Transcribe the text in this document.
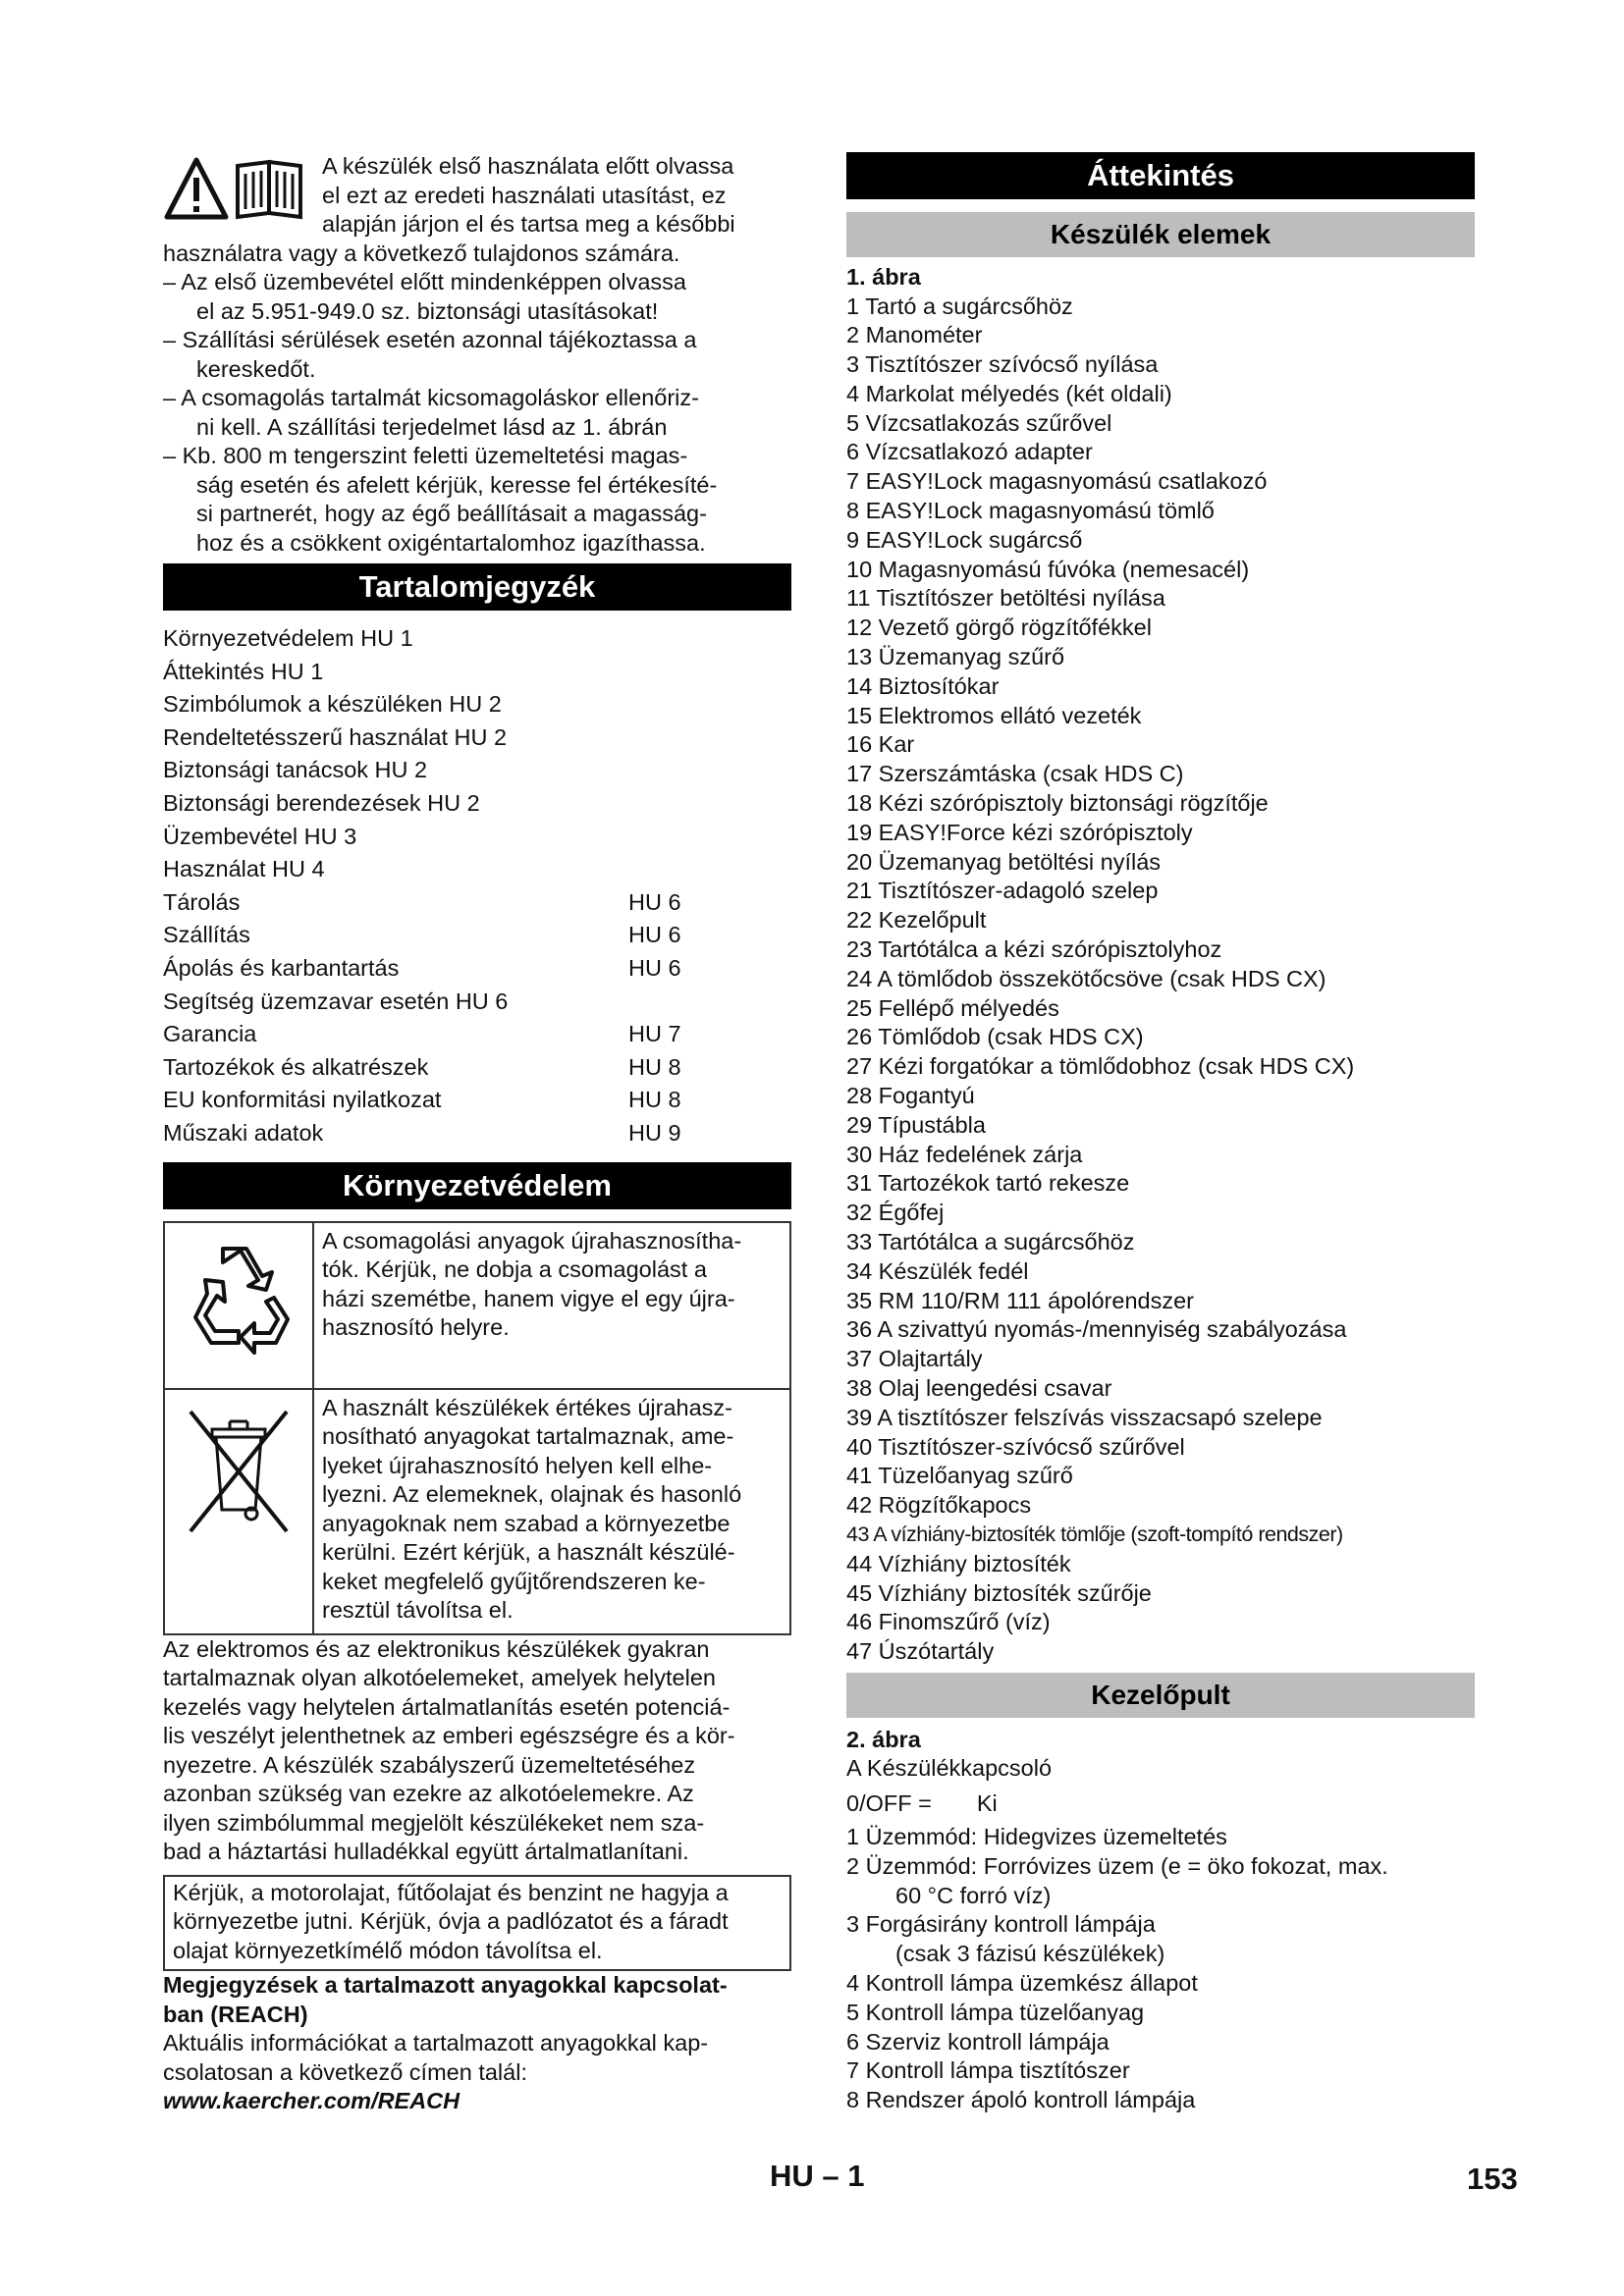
A készülék első használata előtt olvassa

el ezt az eredeti használati utasítást, ez

alapján járjon el és tartsa meg a későbbi

használatra vagy a következő tulajdonos számára.

– Az első üzembevétel előtt mindenképpen olvassa

el az 5.951-949.0 sz. biztonsági utasításokat!

– Szállítási sérülések esetén azonnal tájékoztassa a

kereskedőt.

– A csomagolás tartalmát kicsomagoláskor ellenőriz-

ni kell. A szállítási terjedelmet lásd az 1. ábrán

– Kb. 800 m tengerszint feletti üzemeltetési magas-

ság esetén és afelett kérjük, keresse fel értékesíté-

si partnerét, hogy az égő beállításait a magasság-

hoz és a csökkent oxigéntartalomhoz igazíthassa.

Tartalomjegyzék
Környezetvédelem HU 1
Áttekintés HU 1
Szimbólumok a készüléken HU 2
Rendeltetésszerű használat HU 2
Biztonsági tanácsok HU 2
Biztonsági berendezések HU 2
Üzembevétel HU 3
Használat HU 4
Tárolás	HU 6
Szállítás	HU 6
Ápolás és karbantartás	HU 6
Segítség üzemzavar esetén HU 6
Garancia	HU 7
Tartozékok és alkatrészek	HU 8
EU konformitási nyilatkozat	HU 8
Műszaki adatok	HU 9
Környezetvédelem

A csomagolási anyagok újrahasznosítha-

tók. Kérjük, ne dobja a csomagolást a

házi szemétbe, hanem vigye el egy újra-

hasznosító helyre.

A használt készülékek értékes újrahasz-

nosítható anyagokat tartalmaznak, ame-

lyeket újrahasznosító helyen kell elhe-

lyezni. Az elemeknek, olajnak és hasonló

anyagoknak nem szabad a környezetbe

kerülni. Ezért kérjük, a használt készülé-

keket megfelelő gyűjtőrendszeren ke-

resztül távolítsa el.

Az elektromos és az elektronikus készülékek gyakran

tartalmaznak olyan alkotóelemeket, amelyek helytelen

kezelés vagy helytelen ártalmatlanítás esetén potenciá-

lis veszélyt jelenthetnek az emberi egészségre és a kör-

nyezetre. A készülék szabályszerű üzemeltetéséhez

azonban szükség van ezekre az alkotóelemekre. Az

ilyen szimbólummal megjelölt készülékeket nem sza-

bad a háztartási hulladékkal együtt ártalmatlanítani.

Kérjük, a motorolajat, fűtőolajat és benzint ne hagyja a

környezetbe jutni. Kérjük, óvja a padlózatot és a fáradt

olajat környezetkímélő módon távolítsa el.

Megjegyzések a tartalmazott anyagokkal kapcsolat-

ban (REACH)

Aktuális információkat a tartalmazott anyagokkal kap-

csolatosan a következő címen talál:

www.kaercher.com/REACH

Áttekintés
Készülék elemek

1. ábra

1 Tartó a sugárcsőhöz

2 Manométer

3 Tisztítószer szívócső nyílása

4 Markolat mélyedés (két oldali)

5 Vízcsatlakozás szűrővel

6 Vízcsatlakozó adapter

7 EASY!Lock magasnyomású csatlakozó

8 EASY!Lock magasnyomású tömlő

9 EASY!Lock sugárcső

10 Magasnyomású fúvóka (nemesacél)

11 Tisztítószer betöltési nyílása

12 Vezető görgő rögzítőfékkel

13 Üzemanyag szűrő

14 Biztosítókar

15 Elektromos ellátó vezeték

16 Kar

17 Szerszámtáska (csak HDS C)

18 Kézi szórópisztoly biztonsági rögzítője

19 EASY!Force kézi szórópisztoly

20 Üzemanyag betöltési nyílás

21 Tisztítószer-adagoló szelep

22 Kezelőpult

23 Tartótálca a kézi szórópisztolyhoz

24 A tömlődob összekötőcsöve (csak HDS CX)

25 Fellépő mélyedés

26 Tömlődob (csak HDS CX)

27 Kézi forgatókar a tömlődobhoz (csak HDS CX)

28 Fogantyú

29 Típustábla

30 Ház fedelének zárja

31 Tartozékok tartó rekesze

32 Égőfej

33 Tartótálca a sugárcsőhöz

34 Készülék fedél

35 RM 110/RM 111 ápolórendszer

36 A szivattyú nyomás-/mennyiség szabályozása

37 Olajtartály

38 Olaj leengedési csavar

39 A tisztítószer felszívás visszacsapó szelepe

40 Tisztítószer-szívócső szűrővel

41 Tüzelőanyag szűrő

42 Rögzítőkapocs

43 A vízhiány-biztosíték tömlője (szoft-tompító rendszer)

44 Vízhiány biztosíték

45 Vízhiány biztosíték szűrője

46 Finomszűrő (víz)

47 Úszótartály

Kezelőpult

2. ábra

A Készülékkapcsoló

0/OFF = Ki

1 Üzemmód: Hidegvizes üzemeltetés

2 Üzemmód: Forróvizes üzem (e = öko fokozat, max.

60 °C forró víz)

3 Forgásirány kontroll lámpája

(csak 3 fázisú készülékek)

4 Kontroll lámpa üzemkész állapot

5 Kontroll lámpa tüzelőanyag

6 Szerviz kontroll lámpája

7 Kontroll lámpa tisztítószer

8 Rendszer ápoló kontroll lámpája

HU – 1	153
